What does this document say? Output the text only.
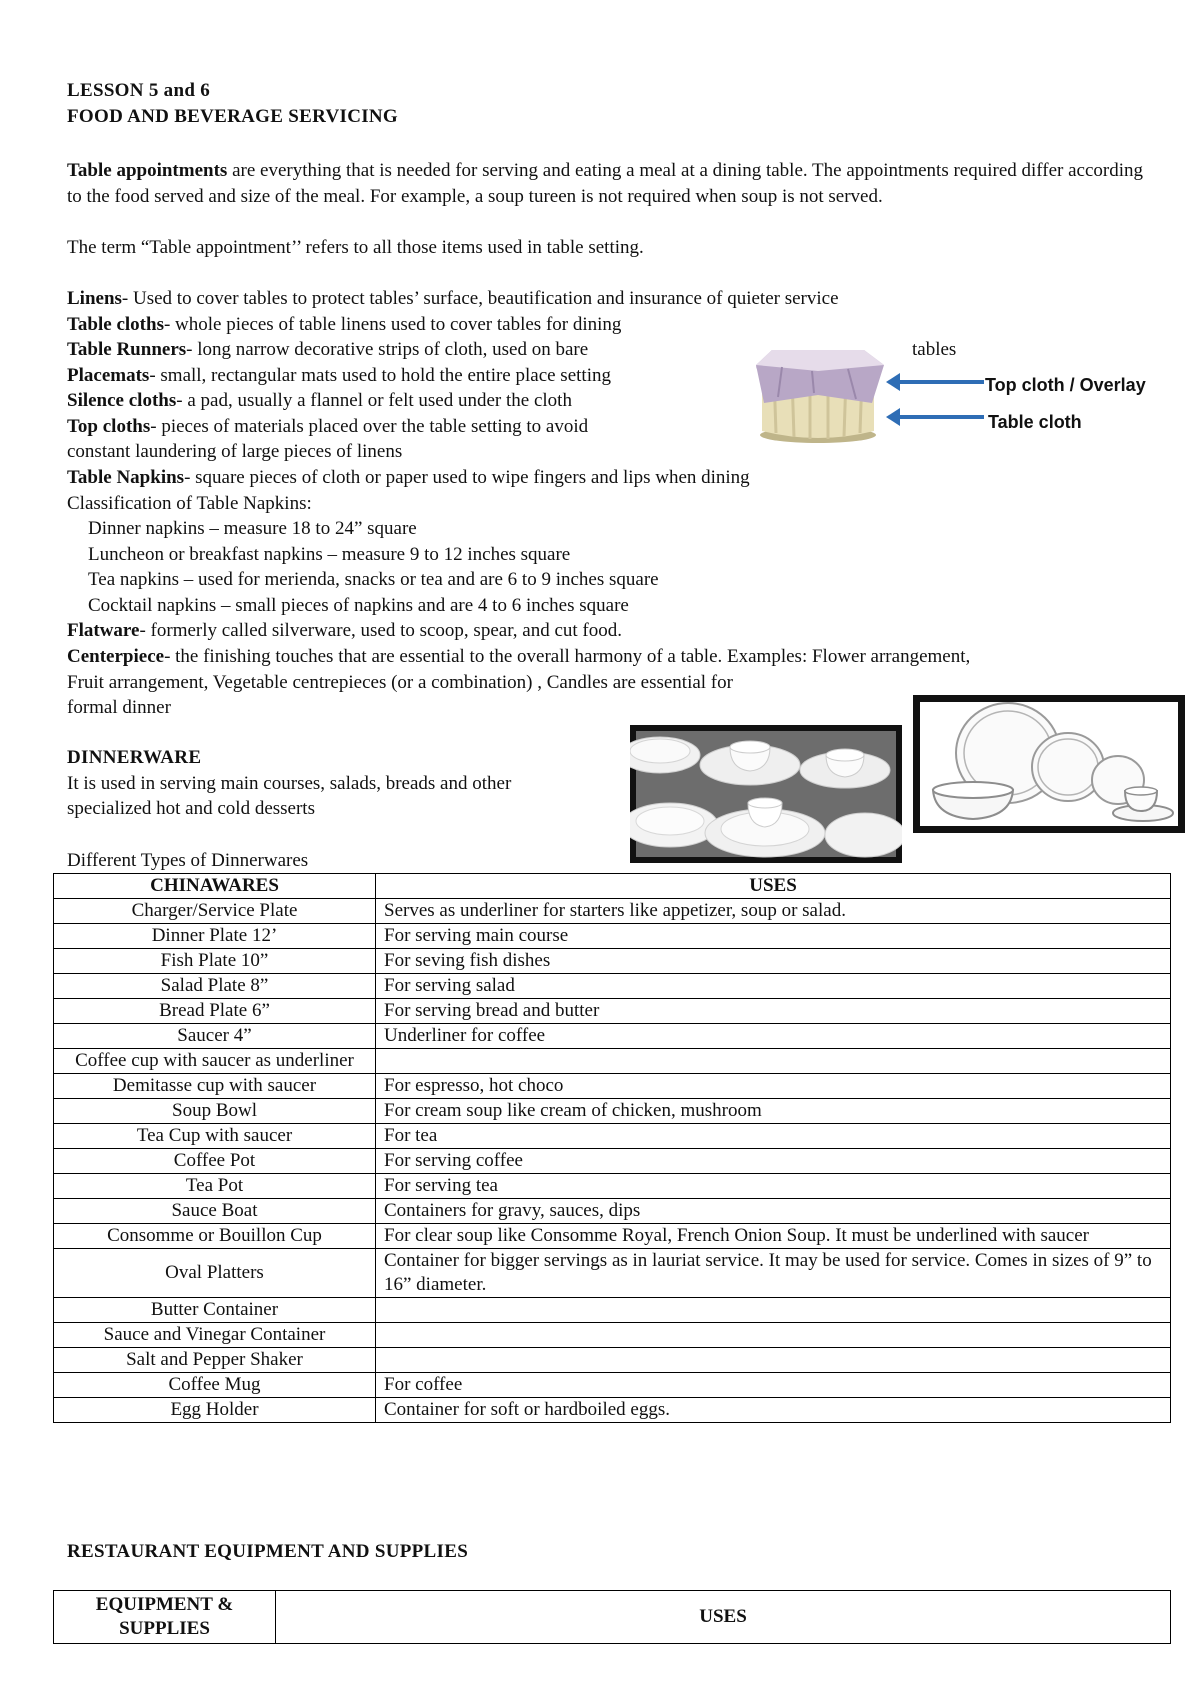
LESSON 5 and 6
FOOD AND BEVERAGE SERVICING
Table appointments are everything that is needed for serving and eating a meal at a dining table. The appointments required differ according to the food served and size of the meal. For example, a soup tureen is not required when soup is not served.
The term “Table appointment’’ refers to all those items used in table setting.
Linens- Used to cover tables to protect tables’ surface, beautification and insurance of quieter service
Table cloths- whole pieces of table linens used to cover tables for dining
Table Runners- long narrow decorative strips of cloth, used on bare	tables
Placemats- small, rectangular mats used to hold the entire place setting
Silence cloths- a pad, usually a flannel or felt used under the cloth
Top cloths- pieces of materials placed over the table setting to avoid
constant laundering of large pieces of linens
Table Napkins- square pieces of cloth or paper used to wipe fingers and lips when dining
Classification of Table Napkins:
Dinner napkins – measure 18 to 24” square
Luncheon or breakfast napkins – measure 9 to 12 inches square
Tea napkins – used for merienda, snacks or tea and are 6 to 9 inches square
Cocktail napkins – small pieces of napkins and are 4 to 6 inches square
Flatware- formerly called silverware, used to scoop, spear, and cut food.
Centerpiece- the finishing touches that are essential to the overall harmony of a table. Examples: Flower arrangement,
Fruit arrangement, Vegetable centrepieces (or a combination) , Candles are essential for
formal dinner
Top cloth / Overlay
Table cloth
DINNERWARE
It is used in serving main courses, salads, breads and other
specialized hot and cold desserts
Different Types of Dinnerwares
CHINAWARES	USES
Charger/Service Plate	Serves as underliner for starters like appetizer, soup or salad.
Dinner Plate 12’	For serving main course
Fish Plate 10”	For seving fish dishes
Salad Plate 8”	For serving salad
Bread Plate 6”	For serving bread and butter
Saucer 4”	Underliner for coffee
Coffee cup with saucer as underliner	
Demitasse cup with saucer	For espresso, hot choco
Soup Bowl	For cream soup like cream of chicken, mushroom
Tea Cup with saucer	For tea
Coffee Pot	For serving coffee
Tea Pot	For serving tea
Sauce Boat	Containers for gravy, sauces, dips
Consomme or Bouillon Cup	For clear soup like Consomme Royal, French Onion Soup. It must be underlined with saucer
Oval Platters	Container for bigger servings as in lauriat service. It may be used for service. Comes in sizes of 9” to 16” diameter.
Butter Container	
Sauce and Vinegar Container	
Salt and Pepper Shaker	
Coffee Mug	For coffee
Egg Holder	Container for soft or hardboiled eggs.
RESTAURANT EQUIPMENT AND SUPPLIES
EQUIPMENT & SUPPLIES	USES
